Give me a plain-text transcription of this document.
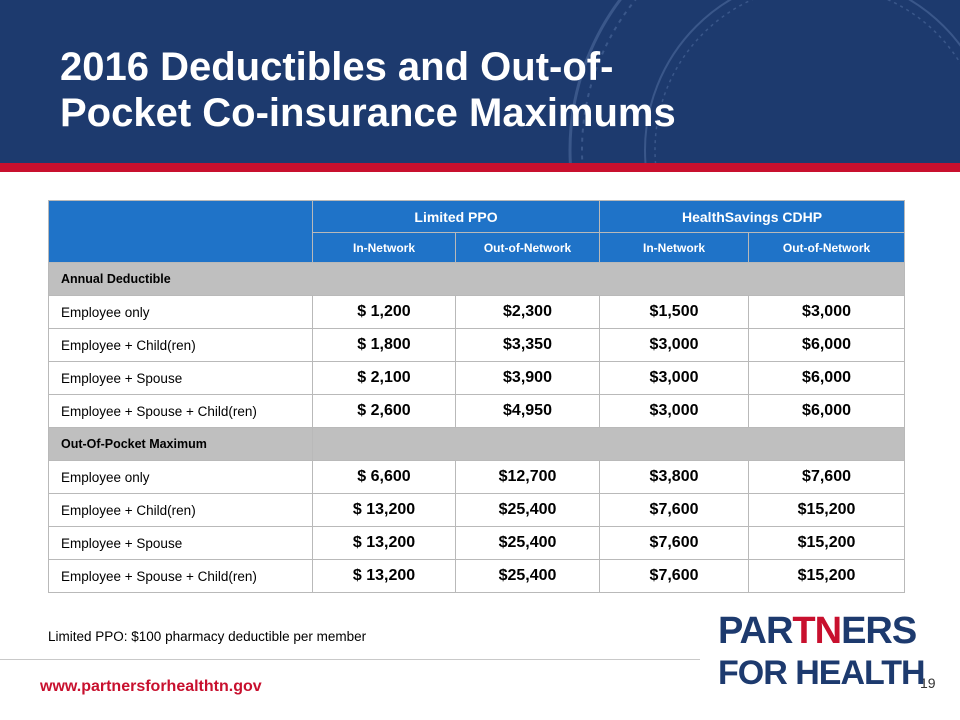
2016 Deductibles and Out-of-
Pocket Co-insurance Maximums
	Limited PPO		HealthSavings CDHP	
	In-Network	Out-of-Network	In-Network	Out-of-Network
Annual Deductible				
Employee only	$ 1,200	$2,300	$1,500	$3,000
Employee + Child(ren)	$ 1,800	$3,350	$3,000	$6,000
Employee + Spouse	$ 2,100	$3,900	$3,000	$6,000
Employee + Spouse + Child(ren)	$ 2,600	$4,950	$3,000	$6,000
Out-Of-Pocket Maximum				
Employee only	$ 6,600	$12,700	$3,800	$7,600
Employee + Child(ren)	$ 13,200	$25,400	$7,600	$15,200
Employee + Spouse	$ 13,200	$25,400	$7,600	$15,200
Employee + Spouse + Child(ren)	$ 13,200	$25,400	$7,600	$15,200
Limited PPO: $100 pharmacy deductible per member
www.partnersforhealthtn.gov	19
PARTNERS
FOR HEALTH
